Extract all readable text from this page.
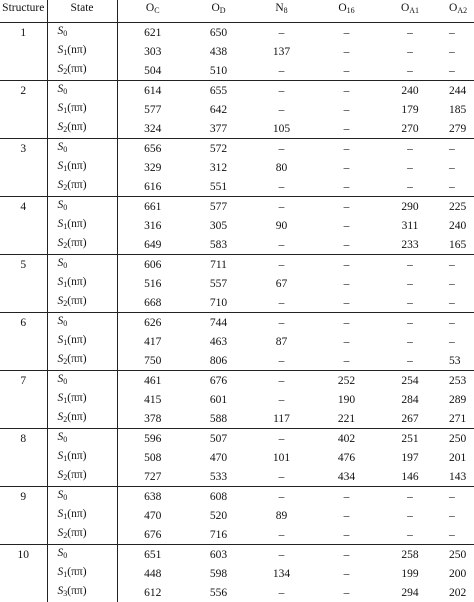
Structure	State	$O_C$	$O_D$	$N_8$	$O_{16}$	$O_{A1}$	$O_{A2}$
1	$S_0$	621	650	–	–	–	–
	$S_1(n\pi)$	303	438	137	–	–	–
	$S_2(\pi\pi)$	504	510	–	–	–	–
2	$S_0$	614	655	–	–	240	244
	$S_1(\pi\pi)$	577	642	–	–	179	185
	$S_2(n\pi)$	324	377	105	–	270	279
3	$S_0$	656	572	–	–	–	–
	$S_1(n\pi)$	329	312	80	–	–	–
	$S_2(\pi\pi)$	616	551	–	–	–	–
4	$S_0$	661	577	–	–	290	225
	$S_1(n\pi)$	316	305	90	–	311	240
	$S_2(\pi\pi)$	649	583	–	–	233	165
5	$S_0$	606	711	–	–	–	–
	$S_1(n\pi)$	516	557	67	–	–	–
	$S_2(\pi\pi)$	668	710	–	–	–	–
6	$S_0$	626	744	–	–	–	–
	$S_1(n\pi)$	417	463	87	–	–	–
	$S_2(\pi\pi)$	750	806	–	–	–	53
7	$S_0$	461	676	–	252	254	253
	$S_1(\pi\pi)$	415	601	–	190	284	289
	$S_2(n\pi)$	378	588	117	221	267	271
8	$S_0$	596	507	–	402	251	250
	$S_1(n\pi)$	508	470	101	476	197	201
	$S_2(\pi\pi)$	727	533	–	434	146	143
9	$S_0$	638	608	–	–	–	–
	$S_1(n\pi)$	470	520	89	–	–	–
	$S_2(\pi\pi)$	676	716	–	–	–	–
10	$S_0$	651	603	–	–	258	250
	$S_1(\pi\pi)$	448	598	134	–	199	200
	$S_3(\pi\pi)$	612	556	–	–	294	202
